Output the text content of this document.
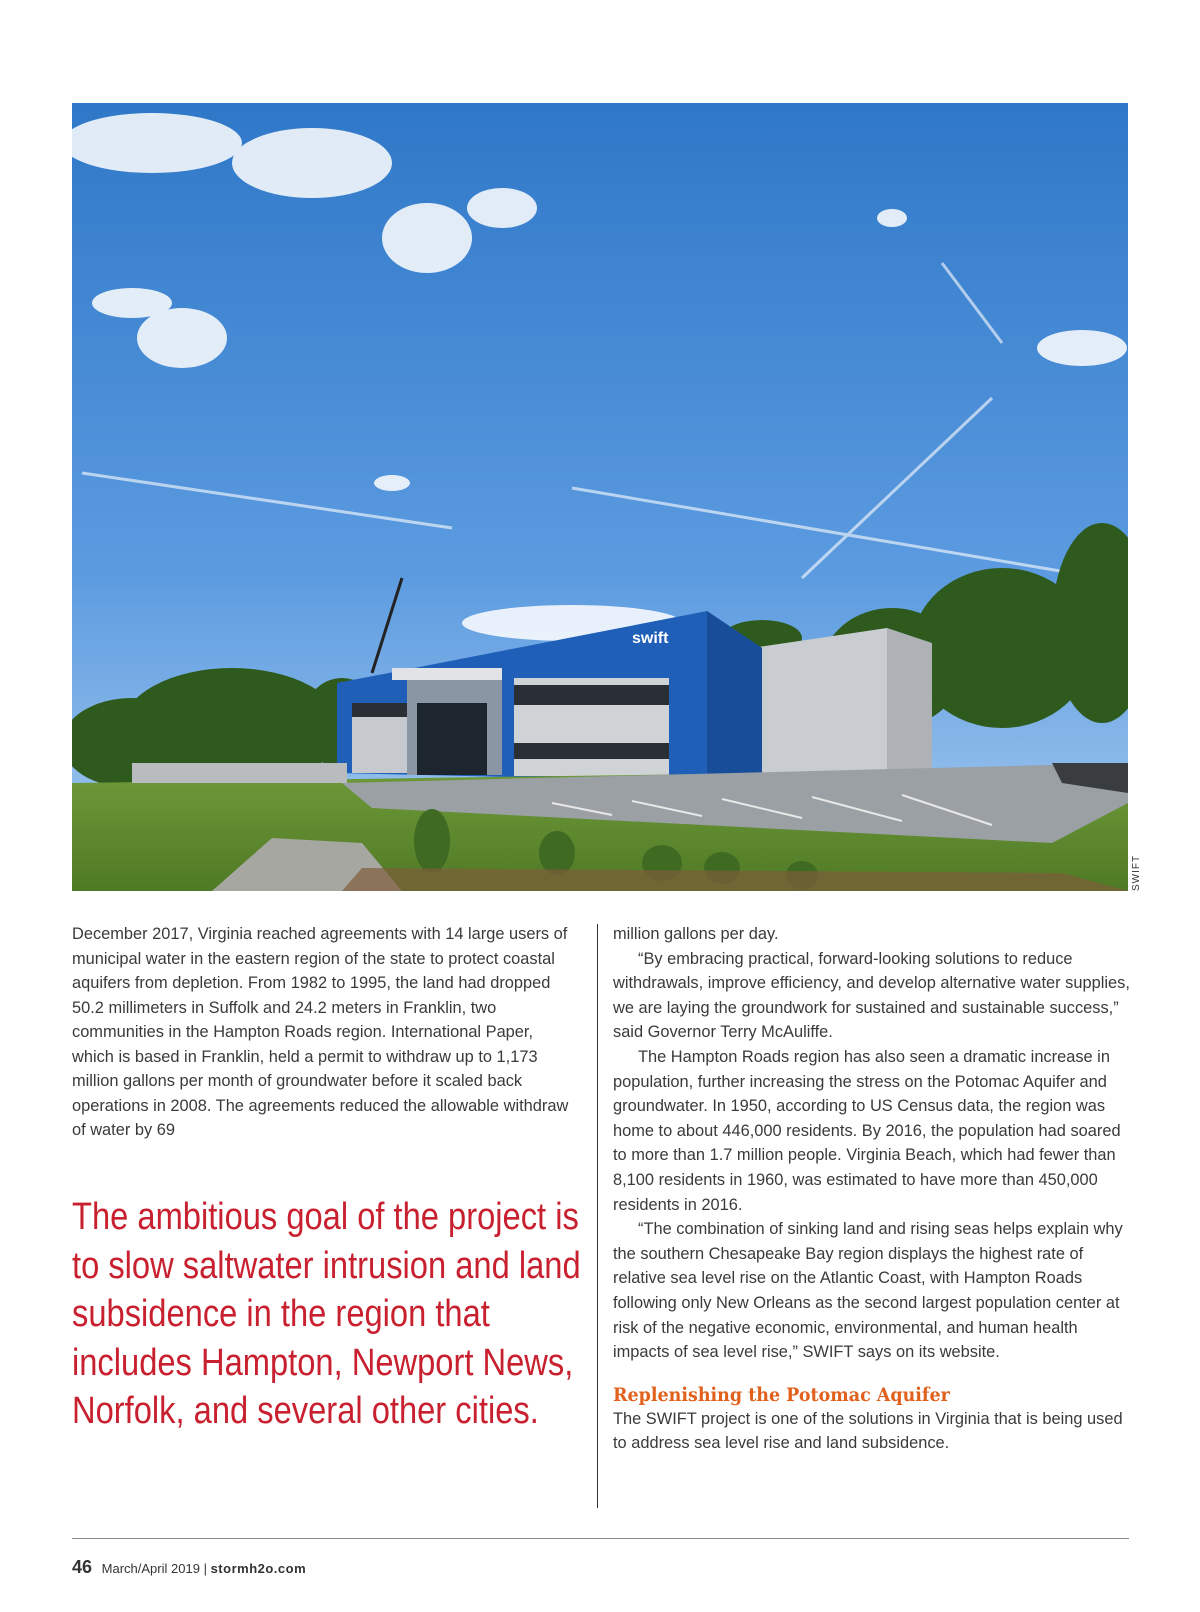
swift
SWIFT

December 2017, Virginia reached agreements with 14 large users of municipal water in the eastern region of the state to protect coastal aquifers from depletion. From 1982 to 1995, the land had dropped 50.2 millimeters in Suffolk and 24.2 meters in Franklin, two communities in the Hampton Roads region. International Paper, which is based in Franklin, held a permit to withdraw up to 1,173 million gallons per month of groundwater before it scaled back operations in 2008. The agreements reduced the allowable withdraw of water by 69

The ambitious goal of the project is to slow saltwater intrusion and land subsidence in the region that includes Hampton, Newport News, Norfolk, and several other cities.

million gallons per day.

“By embracing practical, forward-looking solutions to reduce withdrawals, improve efficiency, and develop alternative water supplies, we are laying the groundwork for sustained and sustainable success,” said Governor Terry McAuliffe.

The Hampton Roads region has also seen a dramatic increase in population, further increasing the stress on the Potomac Aquifer and groundwater. In 1950, according to US Census data, the region was home to about 446,000 residents. By 2016, the population had soared to more than 1.7 million people. Virginia Beach, which had fewer than 8,100 residents in 1960, was estimated to have more than 450,000 residents in 2016.

“The combination of sinking land and rising seas helps explain why the southern Chesapeake Bay region displays the highest rate of relative sea level rise on the Atlantic Coast, with Hampton Roads following only New Orleans as the second largest population center at risk of the negative economic, environmental, and human health impacts of sea level rise,” SWIFT says on its website.

Replenishing the Potomac Aquifer

The SWIFT project is one of the solutions in Virginia that is being used to address sea level rise and land subsidence.

46 March/April 2019 | stormh2o.com
